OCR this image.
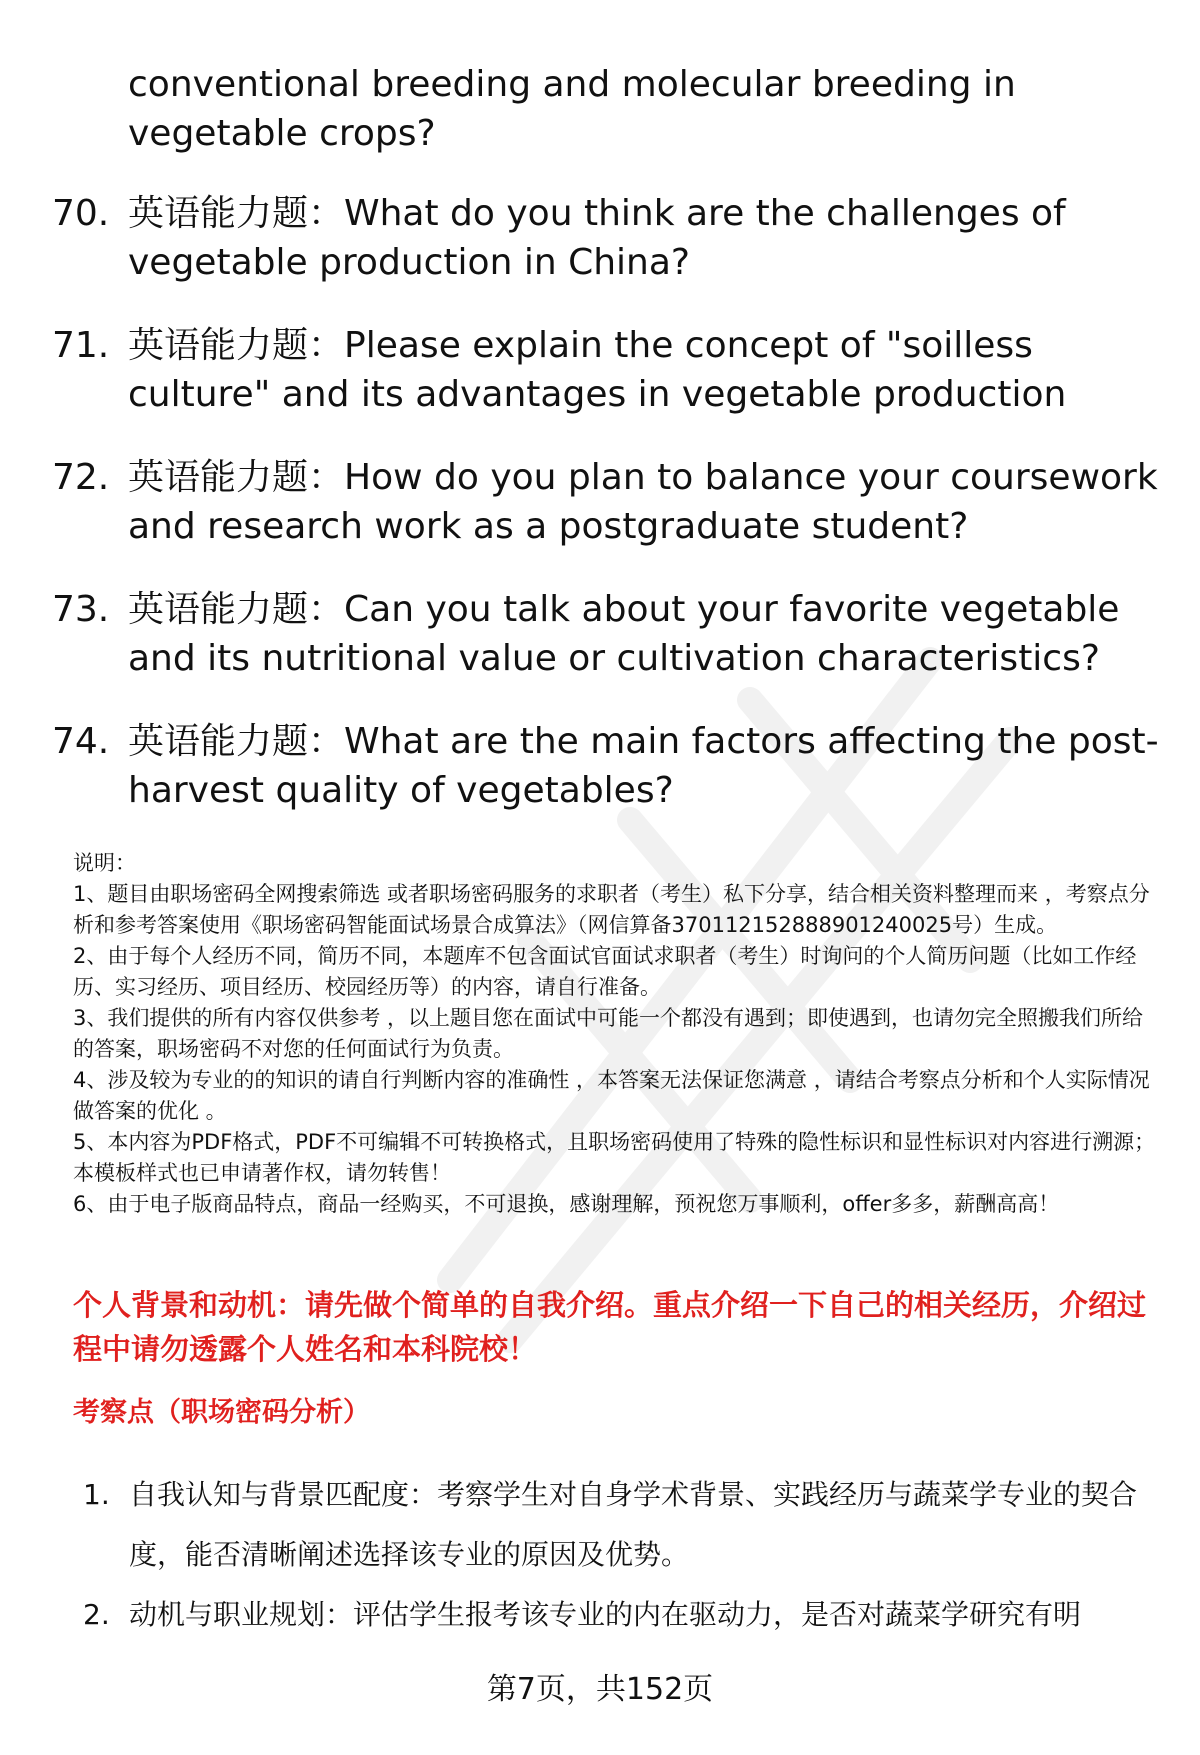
conventional breeding and molecular breeding in vegetable crops?
70. 英语能力题：What do you think are the challenges of vegetable production in China?
71. 英语能力题：Please explain the concept of "soilless culture" and its advantages in vegetable production
72. 英语能力题：How do you plan to balance your coursework and research work as a postgraduate student?
73. 英语能力题：Can you talk about your favorite vegetable and its nutritional value or cultivation characteristics?
74. 英语能力题：What are the main factors affecting the post-harvest quality of vegetables?

说明：

1、题目由职场密码全网搜索筛选 或者职场密码服务的求职者（考生）私下分享，结合相关资料整理而来 ，考察点分析和参考答案使用《职场密码智能面试场景合成算法》（网信算备370112152888901240025号）生成。

2、由于每个人经历不同，简历不同，本题库不包含面试官面试求职者（考生）时询问的个人简历问题（比如工作经历、实习经历、项目经历、校园经历等）的内容，请自行准备。

3、我们提供的所有内容仅供参考 ，以上题目您在面试中可能一个都没有遇到；即使遇到，也请勿完全照搬我们所给的答案，职场密码不对您的任何面试行为负责。

4、涉及较为专业的的知识的请自行判断内容的准确性 ，本答案无法保证您满意 ，请结合考察点分析和个人实际情况做答案的优化 。

5、本内容为PDF格式，PDF不可编辑不可转换格式，且职场密码使用了特殊的隐性标识和显性标识对内容进行溯源；本模板样式也已申请著作权，请勿转售！

6、由于电子版商品特点，商品一经购买，不可退换，感谢理解，预祝您万事顺利，offer多多，薪酬高高！

个人背景和动机：请先做个简单的自我介绍。重点介绍一下自己的相关经历，介绍过程中请勿透露个人姓名和本科院校！
考察点（职场密码分析）
1. 自我认知与背景匹配度：考察学生对自身学术背景、实践经历与蔬菜学专业的契合度，能否清晰阐述选择该专业的原因及优势。
2. 动机与职业规划：评估学生报考该专业的内在驱动力，是否对蔬菜学研究有明
第7页，共152页
